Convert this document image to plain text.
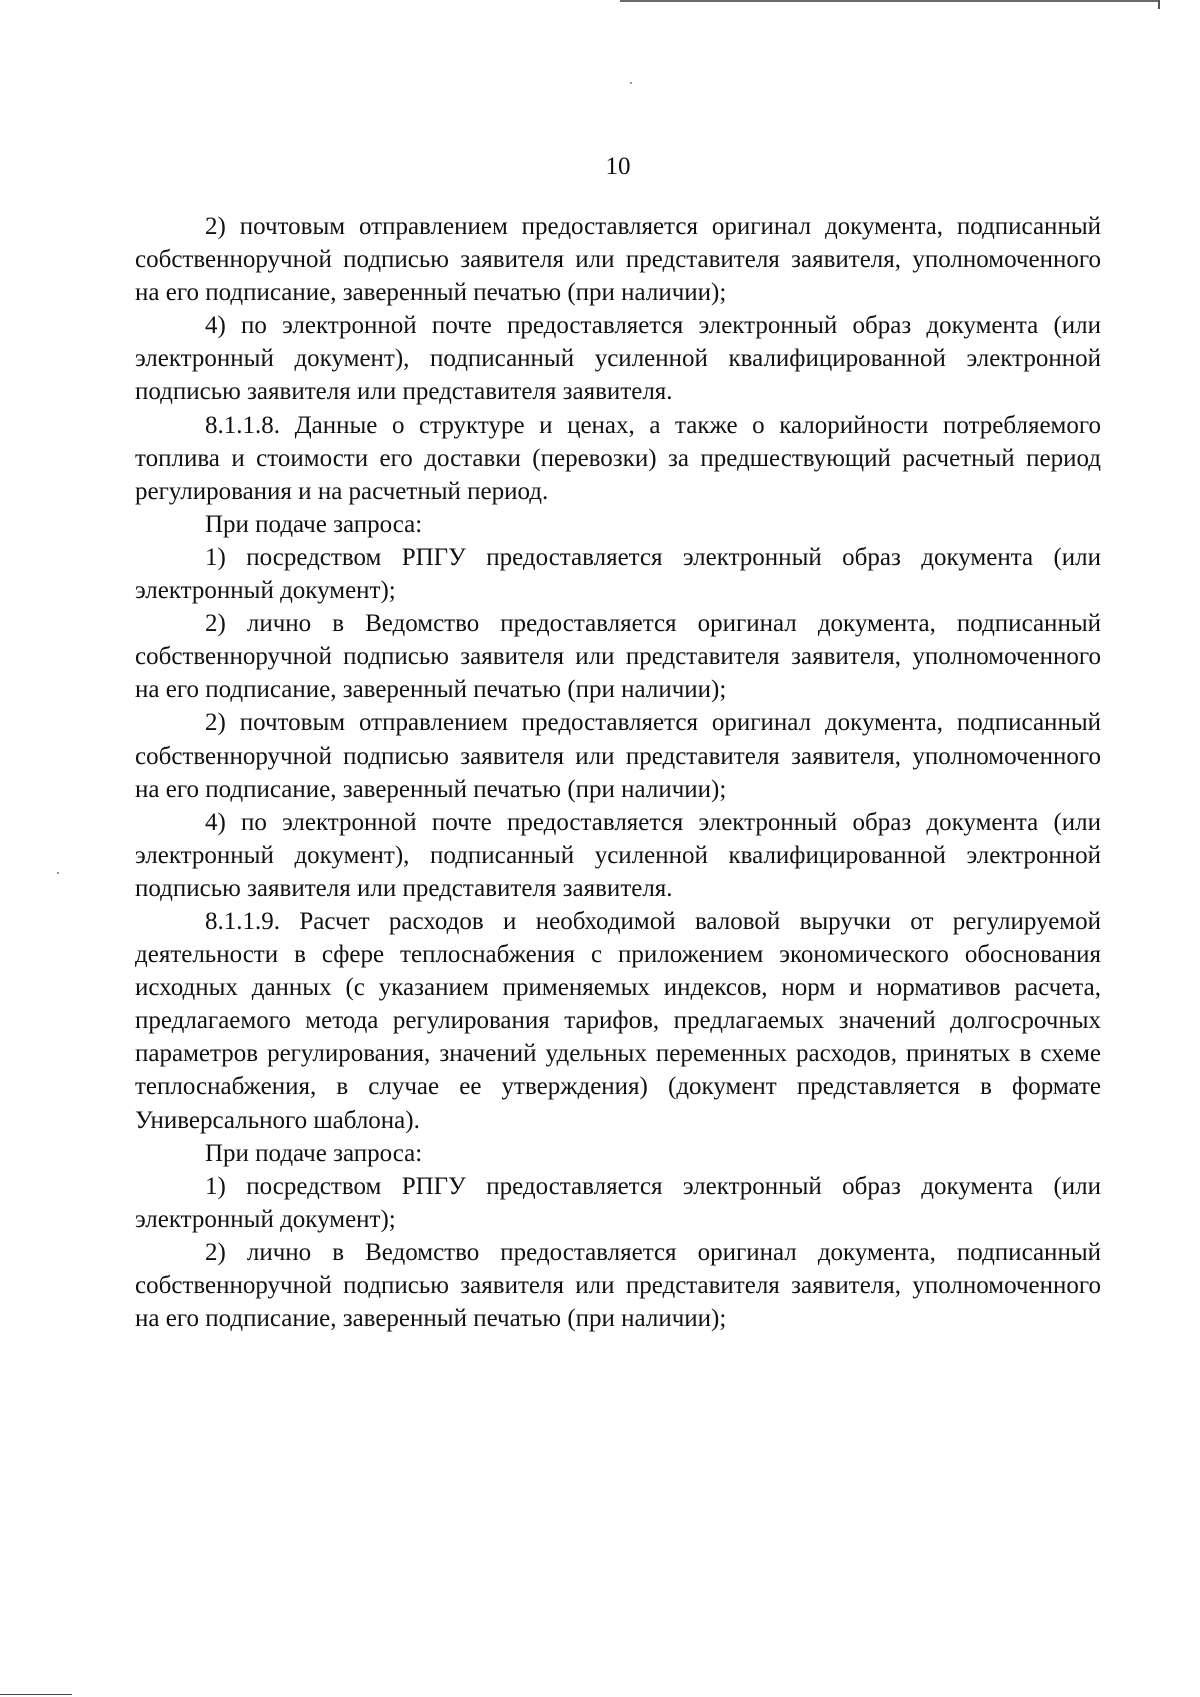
10

2) почтовым отправлением предоставляется оригинал документа, подписанный собственноручной подписью заявителя или представителя заявителя, уполномоченного на его подписание, заверенный печатью (при наличии);

4) по электронной почте предоставляется электронный образ документа (или электронный документ), подписанный усиленной квалифицированной электронной подписью заявителя или представителя заявителя.

8.1.1.8. Данные о структуре и ценах, а также о калорийности потребляемого топлива и стоимости его доставки (перевозки) за предшествующий расчетный период регулирования и на расчетный период.

При подаче запроса:

1) посредством РПГУ предоставляется электронный образ документа (или электронный документ);

2) лично в Ведомство предоставляется оригинал документа, подписанный собственноручной подписью заявителя или представителя заявителя, уполномоченного на его подписание, заверенный печатью (при наличии);

2) почтовым отправлением предоставляется оригинал документа, подписанный собственноручной подписью заявителя или представителя заявителя, уполномоченного на его подписание, заверенный печатью (при наличии);

4) по электронной почте предоставляется электронный образ документа (или электронный документ), подписанный усиленной квалифицированной электронной подписью заявителя или представителя заявителя.

8.1.1.9. Расчет расходов и необходимой валовой выручки от регулируемой деятельности в сфере теплоснабжения с приложением экономического обоснования исходных данных (с указанием применяемых индексов, норм и нормативов расчета, предлагаемого метода регулирования тарифов, предлагаемых значений долгосрочных параметров регулирования, значений удельных переменных расходов, принятых в схеме теплоснабжения, в случае ее утверждения) (документ представляется в формате Универсального шаблона).

При подаче запроса:

1) посредством РПГУ предоставляется электронный образ документа (или электронный документ);

2) лично в Ведомство предоставляется оригинал документа, подписанный собственноручной подписью заявителя или представителя заявителя, уполномоченного на его подписание, заверенный печатью (при наличии);
